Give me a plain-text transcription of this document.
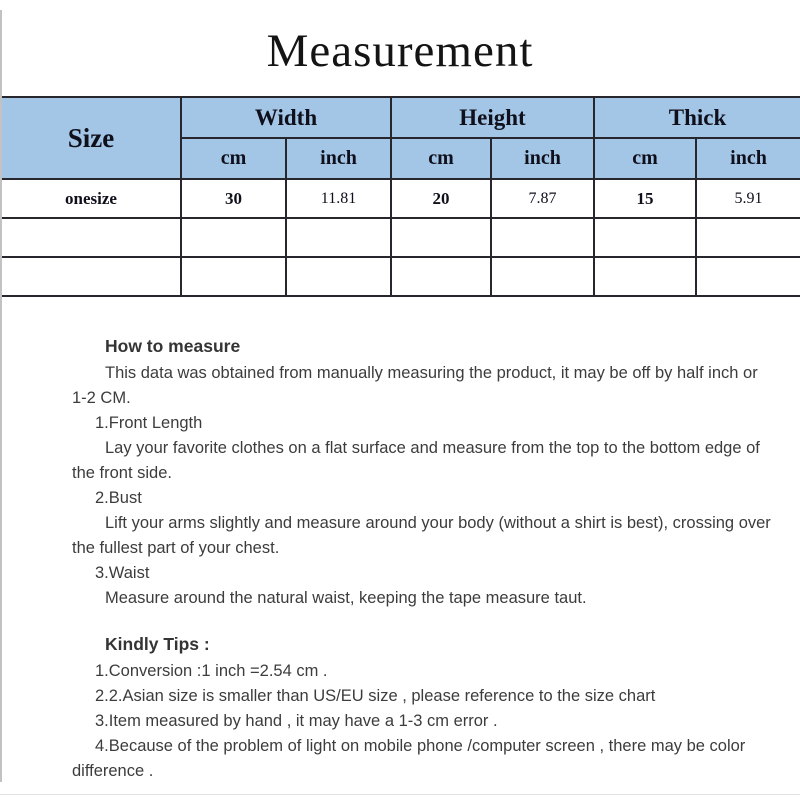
Measurement
Size	Width		Height		Thick	
	cm	inch	cm	inch	cm	inch
onesize	30	11.81	20	7.87	15	5.91

How to measure
This data was obtained from manually measuring the product, it may be off by half inch or 1-2 CM.
1.Front Length
Lay your favorite clothes on a flat surface and measure from the top to the bottom edge of the front side.
2.Bust
Lift your arms slightly and measure around your body (without a shirt is best), crossing over the fullest part of your chest.
3.Waist
Measure around the natural waist, keeping the tape measure taut.
Kindly Tips :
1.Conversion :1 inch =2.54 cm .
2.2.Asian size is smaller than US/EU size , please reference to the size chart
3.Item measured by hand , it may have a 1-3 cm error .
4.Because of the problem of light on mobile phone /computer screen , there may be color difference .
